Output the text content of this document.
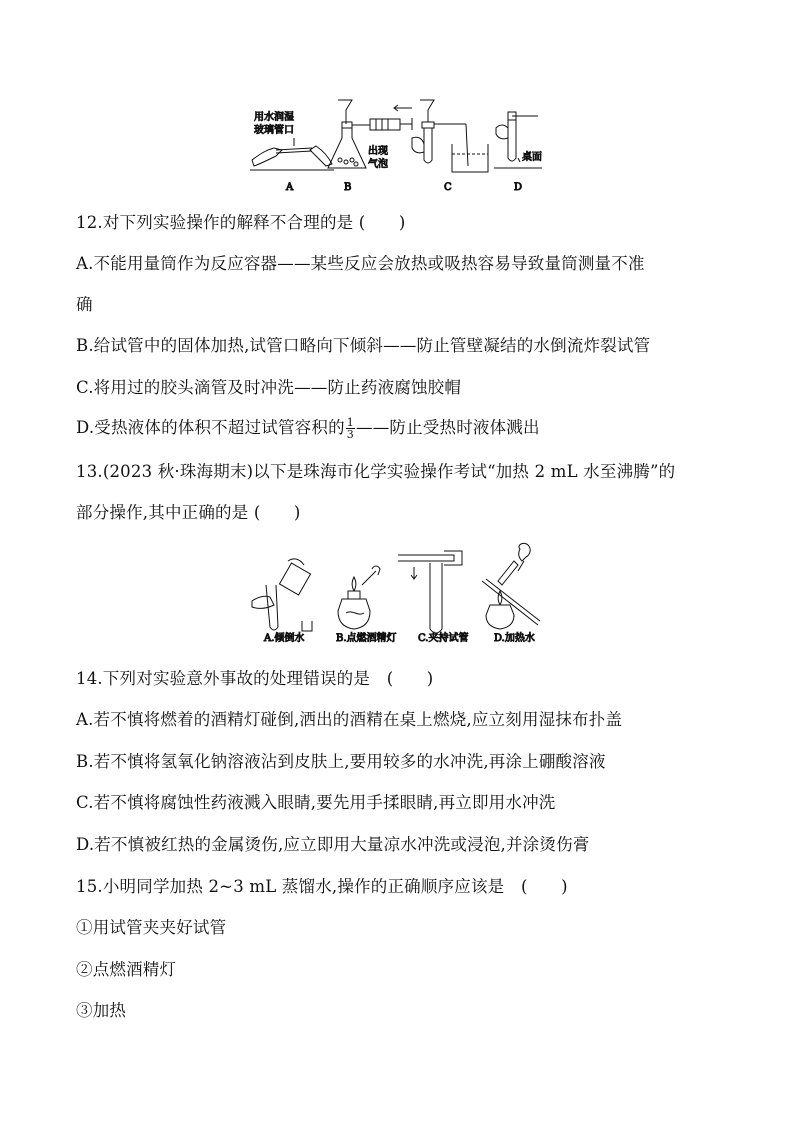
用水润湿
玻璃管口
A
出现
气泡
B	C
桌面
D
12.对下列实验操作的解释不合理的是 (　　)
A.不能用量筒作为反应容器——某些反应会放热或吸热容易导致量筒测量不准
确
B.给试管中的固体加热,试管口略向下倾斜——防止管壁凝结的水倒流炸裂试管
C.将用过的胶头滴管及时冲洗——防止药液腐蚀胶帽
D.受热液体的体积不超过试管容积的 $\frac{1}{3}$ ——防止受热时液体溅出
13.(2023 秋·珠海期末)以下是珠海市化学实验操作考试“加热 2 mL 水至沸腾”的
部分操作,其中正确的是 (　　)
A.倾倒水	B.点燃酒精灯 C.夹持试管	D.加热水
14.下列对实验意外事故的处理错误的是　(　　)
A.若不慎将燃着的酒精灯碰倒,洒出的酒精在桌上燃烧,应立刻用湿抹布扑盖
B.若不慎将氢氧化钠溶液沾到皮肤上,要用较多的水冲洗,再涂上硼酸溶液
C.若不慎将腐蚀性药液溅入眼睛,要先用手揉眼睛,再立即用水冲洗
D.若不慎被红热的金属烫伤,应立即用大量凉水冲洗或浸泡,并涂烫伤膏
15.小明同学加热 2~3 mL 蒸馏水,操作的正确顺序应该是　(　　)
①用试管夹夹好试管
②点燃酒精灯
③加热
